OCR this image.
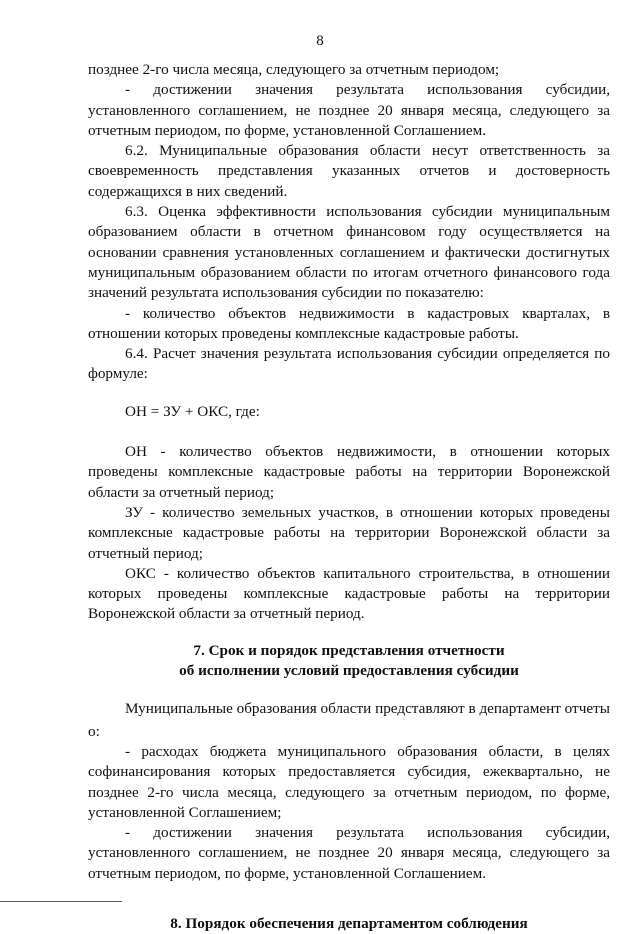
8

позднее 2-го числа месяца, следующего за отчетным периодом;

- достижении значения результата использования субсидии, установленного соглашением, не позднее 20 января месяца, следующего за отчетным периодом, по форме, установленной Соглашением.

6.2. Муниципальные образования области несут ответственность за своевременность представления указанных отчетов и достоверность содержащихся в них сведений.

6.3. Оценка эффективности использования субсидии муниципальным образованием области в отчетном финансовом году осуществляется на основании сравнения установленных соглашением и фактически достигнутых муниципальным образованием области по итогам отчетного финансового года значений результата использования субсидии по показателю:

- количество объектов недвижимости в кадастровых кварталах, в отношении которых проведены комплексные кадастровые работы.

6.4. Расчет значения результата использования субсидии определяется по формуле:

ОН = ЗУ + ОКС, где:

ОН - количество объектов недвижимости, в отношении которых проведены комплексные кадастровые работы на территории Воронежской области за отчетный период;

ЗУ - количество земельных участков, в отношении которых проведены комплексные кадастровые работы на территории Воронежской области за отчетный период;

ОКС - количество объектов капитального строительства, в отношении которых проведены комплексные кадастровые работы на территории Воронежской области за отчетный период.

7. Срок и порядок представления отчетности

об исполнении условий предоставления субсидии

Муниципальные образования области представляют в департамент отчеты

о:

- расходах бюджета муниципального образования области, в целях софинансирования которых предоставляется субсидия, ежеквартально, не позднее 2-го числа месяца, следующего за отчетным периодом, по форме, установленной Соглашением;

- достижении значения результата использования субсидии, установленного соглашением, не позднее 20 января месяца, следующего за отчетным периодом, по форме, установленной Соглашением.

8. Порядок обеспечения департаментом соблюдения
